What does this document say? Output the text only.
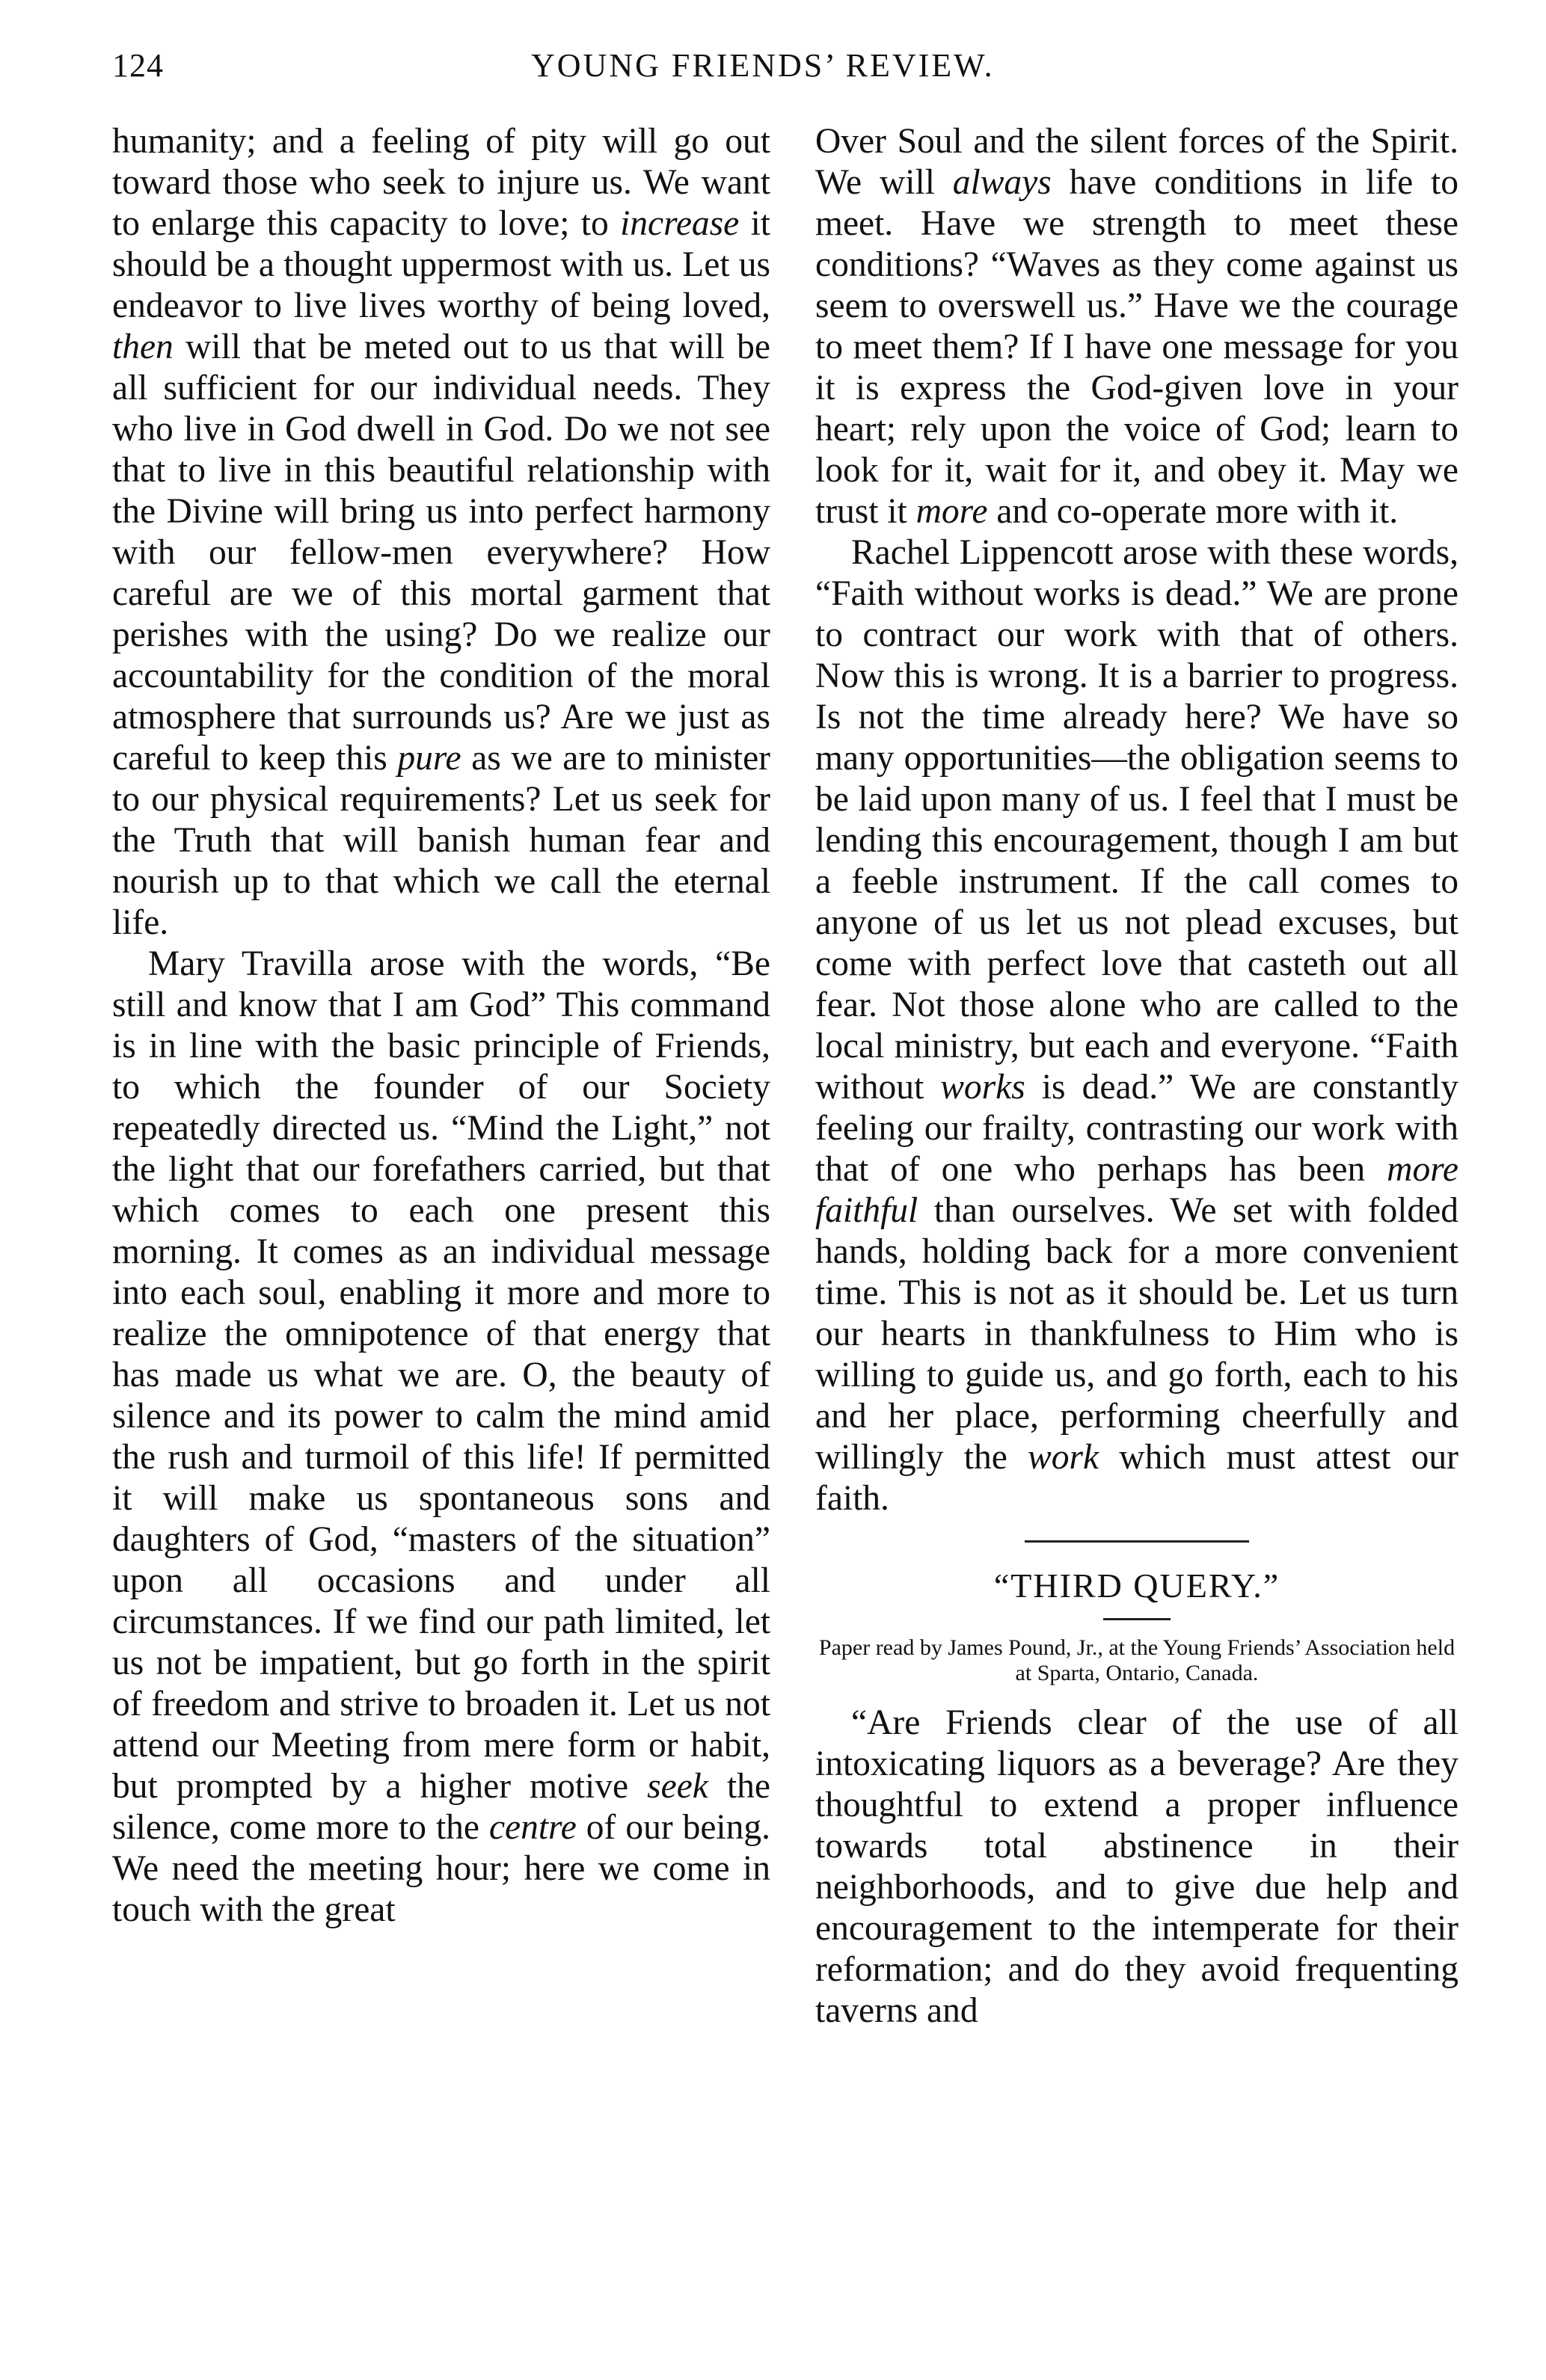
124	YOUNG FRIENDS’ REVIEW.

humanity; and a feeling of pity will go out toward those who seek to injure us. We want to enlarge this capacity to love; to increase it should be a thought uppermost with us. Let us endeavor to live lives worthy of being loved, then will that be meted out to us that will be all sufficient for our individual needs. They who live in God dwell in God. Do we not see that to live in this beautiful relationship with the Divine will bring us into perfect harmony with our fellow-men everywhere? How careful are we of this mortal garment that perishes with the using? Do we realize our accountability for the condition of the moral atmosphere that surrounds us? Are we just as careful to keep this pure as we are to minister to our physical requirements? Let us seek for the Truth that will banish human fear and nourish up to that which we call the eternal life.

Mary Travilla arose with the words, “Be still and know that I am God” This command is in line with the basic principle of Friends, to which the founder of our Society repeatedly directed us. “Mind the Light,” not the light that our forefathers carried, but that which comes to each one present this morning. It comes as an individual message into each soul, enabling it more and more to realize the omnipotence of that energy that has made us what we are. O, the beauty of silence and its power to calm the mind amid the rush and turmoil of this life! If permitted it will make us spontaneous sons and daughters of God, “masters of the situation” upon all occasions and under all circumstances. If we find our path limited, let us not be impatient, but go forth in the spirit of freedom and strive to broaden it. Let us not attend our Meeting from mere form or habit, but prompted by a higher motive seek the silence, come more to the centre of our being. We need the meeting hour; here we come in touch with the great

Over Soul and the silent forces of the Spirit. We will always have conditions in life to meet. Have we strength to meet these conditions? “Waves as they come against us seem to overswell us.” Have we the courage to meet them? If I have one message for you it is express the God-given love in your heart; rely upon the voice of God; learn to look for it, wait for it, and obey it. May we trust it more and co-operate more with it.

Rachel Lippencott arose with these words, “Faith without works is dead.” We are prone to contract our work with that of others. Now this is wrong. It is a barrier to progress. Is not the time already here? We have so many opportunities—the obligation seems to be laid upon many of us. I feel that I must be lending this encouragement, though I am but a feeble instrument. If the call comes to anyone of us let us not plead excuses, but come with perfect love that casteth out all fear. Not those alone who are called to the local ministry, but each and everyone. “Faith without works is dead.” We are constantly feeling our frailty, contrasting our work with that of one who perhaps has been more faithful than ourselves. We set with folded hands, holding back for a more convenient time. This is not as it should be. Let us turn our hearts in thankfulness to Him who is willing to guide us, and go forth, each to his and her place, performing cheerfully and willingly the work which must attest our faith.

“THIRD QUERY.”
Paper read by James Pound, Jr., at the Young Friends’ Association held at Sparta, Ontario, Canada.

“Are Friends clear of the use of all intoxicating liquors as a beverage? Are they thoughtful to extend a proper influence towards total abstinence in their neighborhoods, and to give due help and encouragement to the intemperate for their reformation; and do they avoid frequenting taverns and
